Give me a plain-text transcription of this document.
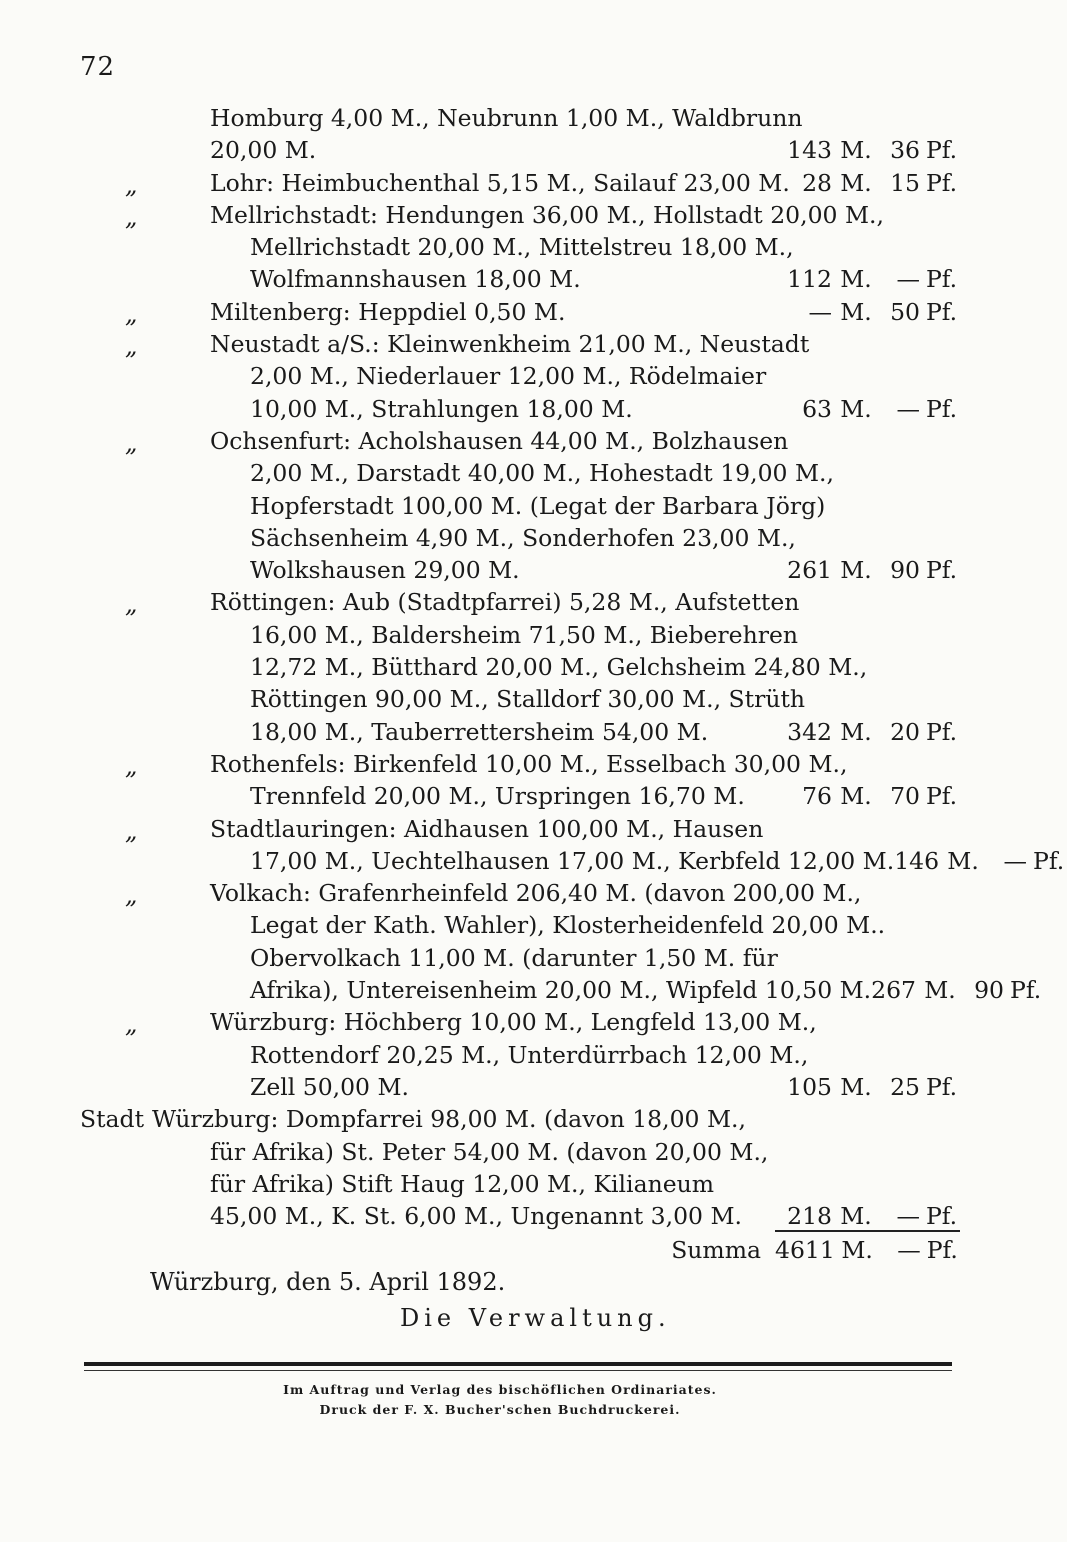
72
Homburg 4,00 M., Neubrunn 1,00 M., Waldbrunn
20,00 M.	143 M. 36 Pf.
„	Lohr: Heimbuchenthal 5,15 M., Sailauf 23,00 M. 28 M. 15 Pf.
„	Mellrichstadt: Hendungen 36,00 M., Hollstadt 20,00 M.,
Mellrichstadt 20,00 M., Mittelstreu 18,00 M.,
Wolfmannshausen 18,00 M.	112 M.	— Pf.
„	Miltenberg: Heppdiel 0,50 M.	— M. 50 Pf.
„	Neustadt a/S.: Kleinwenkheim 21,00 M., Neustadt
2,00 M., Niederlauer 12,00 M., Rödelmaier
10,00 M., Strahlungen 18,00 M.	63 M.	— Pf.
„	Ochsenfurt: Acholshausen 44,00 M., Bolzhausen
2,00 M., Darstadt 40,00 M., Hohestadt 19,00 M.,
Hopferstadt 100,00 M. (Legat der Barbara Jörg)
Sächsenheim 4,90 M., Sonderhofen 23,00 M.,
Wolkshausen 29,00 M.	261 M. 90 Pf.
„	Röttingen: Aub (Stadtpfarrei) 5,28 M., Aufstetten
16,00 M., Baldersheim 71,50 M., Bieberehren
12,72 M., Bütthard 20,00 M., Gelchsheim 24,80 M.,
Röttingen 90,00 M., Stalldorf 30,00 M., Strüth
18,00 M., Tauberrettersheim 54,00 M.	342 M. 20 Pf.
„	Rothenfels: Birkenfeld 10,00 M., Esselbach 30,00 M.,
Trennfeld 20,00 M., Urspringen 16,70 M.	76 M. 70 Pf.
„	Stadtlauringen: Aidhausen 100,00 M., Hausen
17,00 M., Uechtelhausen 17,00 M., Kerbfeld 12,00 M. 146 M.	— Pf.
„	Volkach: Grafenrheinfeld 206,40 M. (davon 200,00 M.,
Legat der Kath. Wahler), Klosterheidenfeld 20,00 M..
Obervolkach 11,00 M. (darunter 1,50 M. für
Afrika), Untereisenheim 20,00 M., Wipfeld 10,50 M. 267 M. 90 Pf.
„	Würzburg: Höchberg 10,00 M., Lengfeld 13,00 M.,
Rottendorf 20,25 M., Unterdürrbach 12,00 M.,
Zell 50,00 M.	105 M. 25 Pf.
Stadt Würzburg: Dompfarrei 98,00 M. (davon 18,00 M.,
für Afrika) St. Peter 54,00 M. (davon 20,00 M.,
für Afrika) Stift Haug 12,00 M., Kilianeum
45,00 M., K. St. 6,00 M., Ungenannt 3,00 M.	218 M.	— Pf.
Summa 4611 M.	— Pf.
Würzburg, den 5. April 1892.
Die Verwaltung.
Im Auftrag und Verlag des bischöflichen Ordinariates.
Druck der F. X. Bucher'schen Buchdruckerei.
